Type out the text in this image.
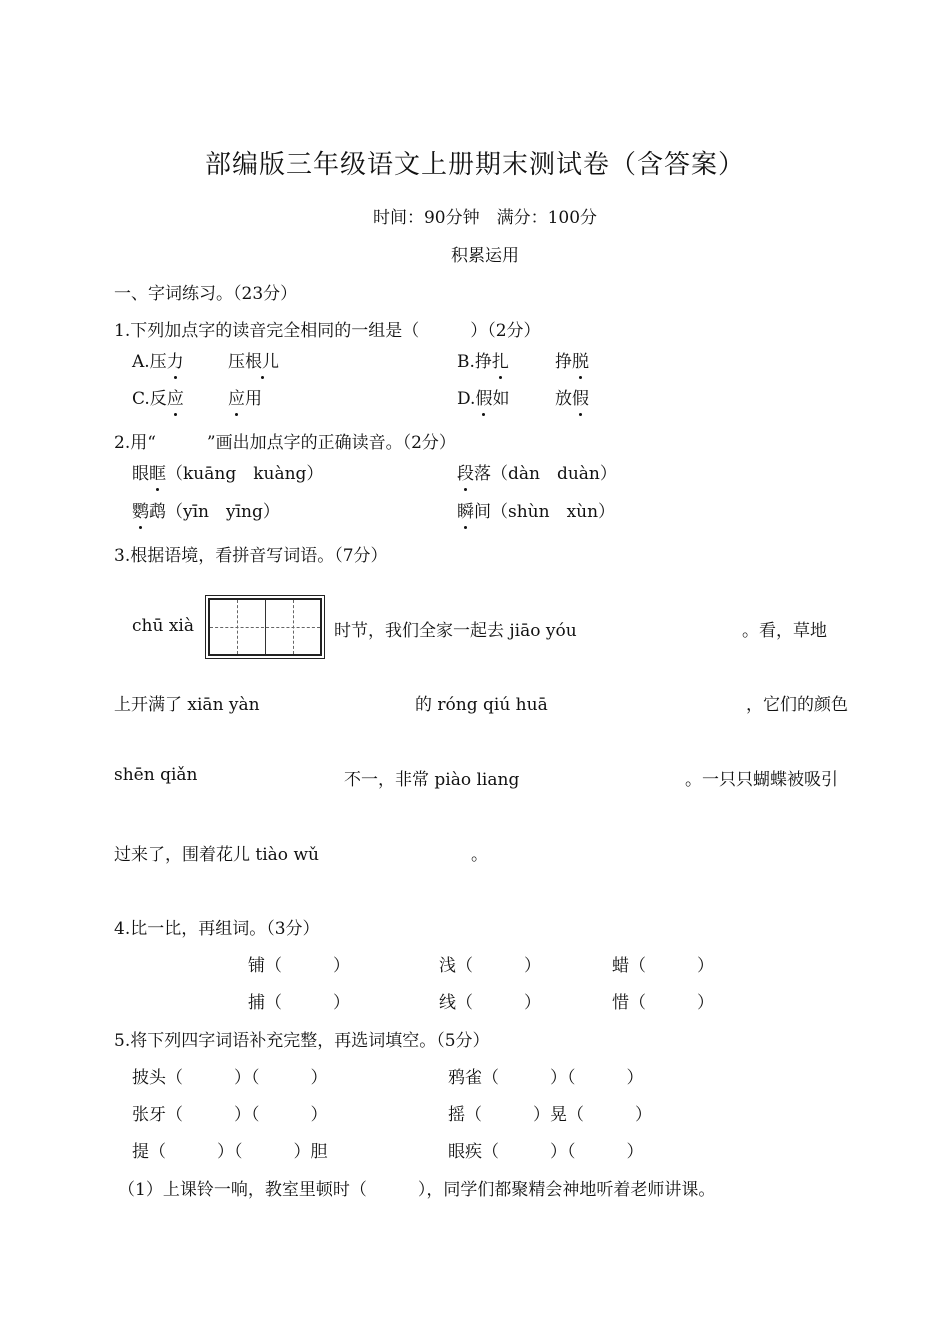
部编版三年级语文上册期末测试卷（含答案）
时间：90分钟　满分：100分
积累运用
一、字词练习。（23分）
1.下列加点字的读音完全相同的一组是（　　　）（2分）
A.压力	压根儿	B.挣扎	挣脱
C.反应	应用	D.假如	放假
2.用“　　　”画出加点字的正确读音。（2分）
眼眶（kuāng　kuàng）	段落（dàn　duàn）
鹦鹉（yīn　yīng）	瞬间（shùn　xùn）
3.根据语境，看拼音写词语。（7分）
chū xià	时节，我们全家一起去 jiāo yóu	。看，草地
上开满了 xiān yàn	的 róng qiú huā	，它们的颜色
shēn qiǎn	不一，非常 piào liang	。一只只蝴蝶被吸引
过来了，围着花儿 tiào wǔ	。
4.比一比，再组词。（3分）
铺（　　　）	浅（　　　）	蜡（　　　）
捕（　　　）	线（　　　）	惜（　　　）
5.将下列四字词语补充完整，再选词填空。（5分）
披头（　　　）（　　　）	鸦雀（　　　）（　　　）
张牙（　　　）（　　　）	摇（　　　）晃（　　　）
提（　　　）（　　　）胆	眼疾（　　　）（　　　）
（1）上课铃一响，教室里顿时（　　　），同学们都聚精会神地听着老师讲课。
